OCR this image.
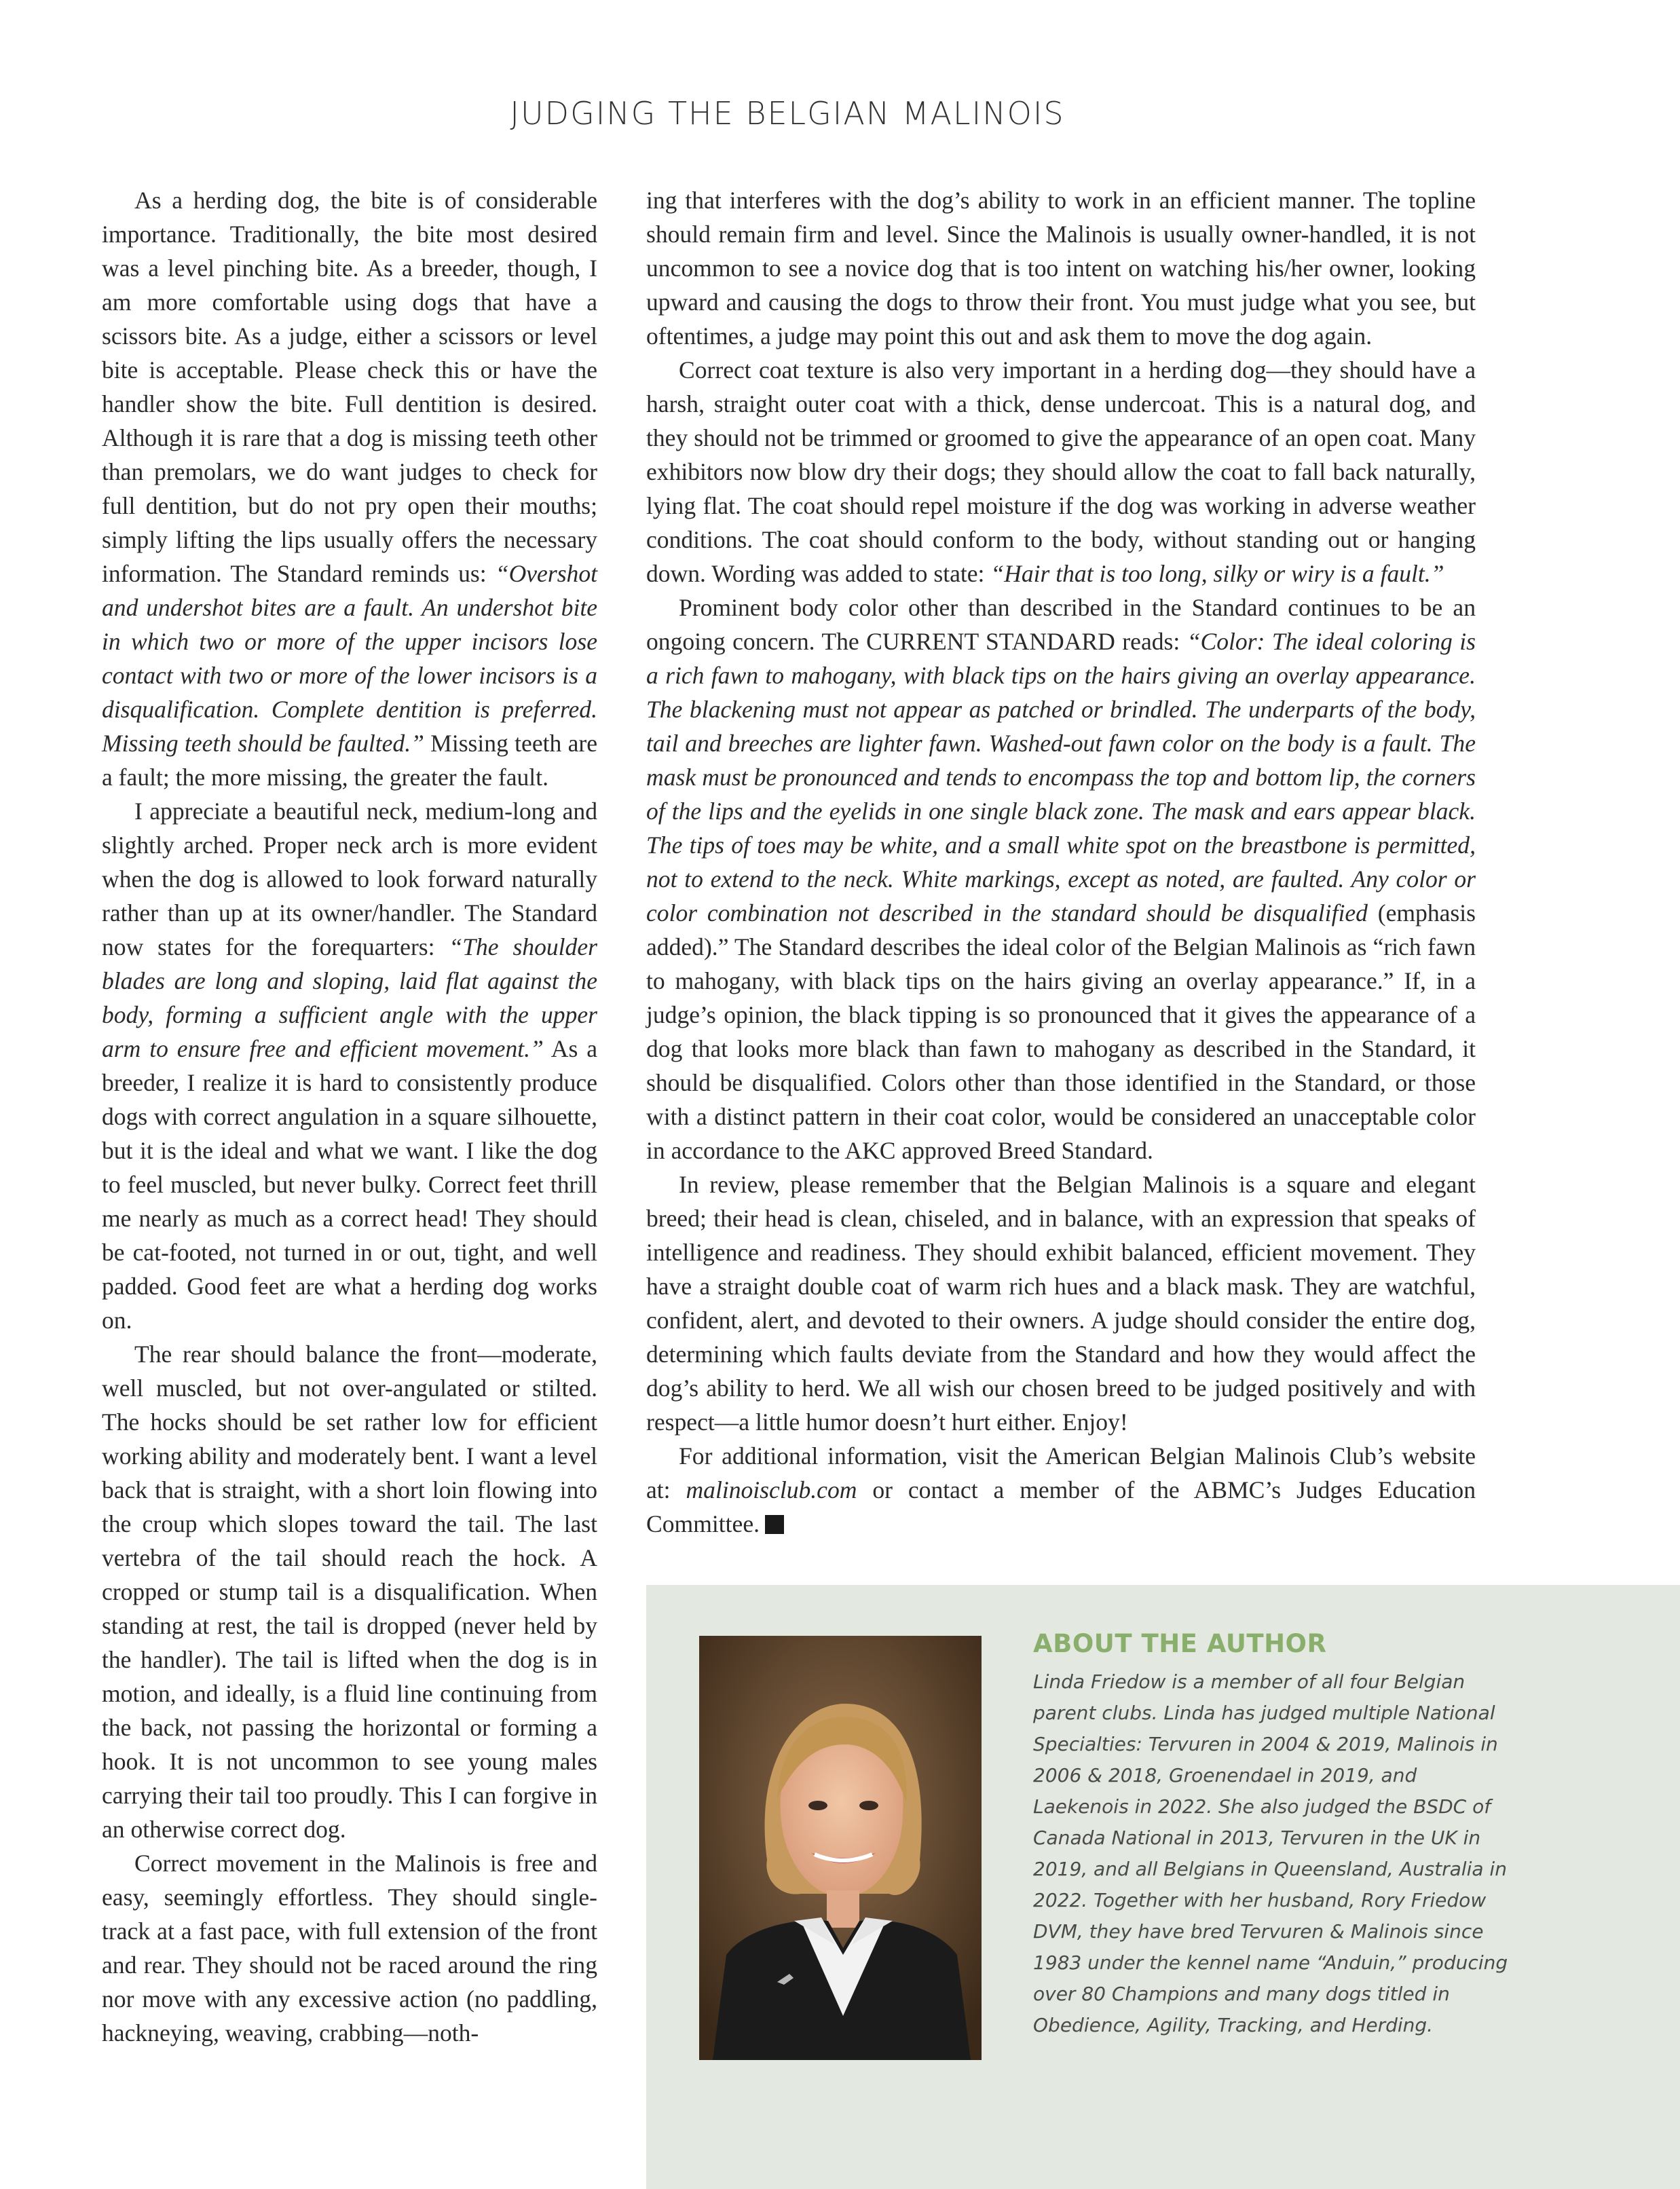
JUDGING THE BELGIAN MALINOIS

As a herding dog, the bite is of considerable importance. Traditionally, the bite most desired was a level pinching bite. As a breeder, though, I am more comfortable using dogs that have a scissors bite. As a judge, either a scissors or level bite is acceptable. Please check this or have the handler show the bite. Full dentition is desired. Although it is rare that a dog is missing teeth other than premolars, we do want judges to check for full dentition, but do not pry open their mouths; simply lifting the lips usually offers the necessary information. The Standard reminds us: “Overshot and undershot bites are a fault. An undershot bite in which two or more of the upper incisors lose contact with two or more of the lower incisors is a disqualification. Complete dentition is preferred. Missing teeth should be faulted.” Missing teeth are a fault; the more missing, the greater the fault.

I appreciate a beautiful neck, medium-long and slightly arched. Proper neck arch is more evident when the dog is allowed to look forward naturally rather than up at its owner/handler. The Standard now states for the forequarters: “The shoulder blades are long and sloping, laid flat against the body, forming a sufficient angle with the upper arm to ensure free and efficient movement.” As a breeder, I realize it is hard to consistently produce dogs with correct angulation in a square silhouette, but it is the ideal and what we want. I like the dog to feel muscled, but never bulky. Correct feet thrill me nearly as much as a correct head! They should be cat-footed, not turned in or out, tight, and well padded. Good feet are what a herding dog works on.

The rear should balance the front—moderate, well muscled, but not over-angulated or stilted. The hocks should be set rather low for efficient working ability and moderately bent. I want a level back that is straight, with a short loin flowing into the croup which slopes toward the tail. The last vertebra of the tail should reach the hock. A cropped or stump tail is a disqualification. When standing at rest, the tail is dropped (never held by the handler). The tail is lifted when the dog is in motion, and ideally, is a fluid line continuing from the back, not passing the horizontal or forming a hook. It is not uncommon to see young males carrying their tail too proudly. This I can forgive in an otherwise correct dog.

Correct movement in the Malinois is free and easy, seemingly effortless. They should single-track at a fast pace, with full extension of the front and rear. They should not be raced around the ring nor move with any excessive action (no paddling, hackneying, weaving, crabbing—noth-

ing that interferes with the dog’s ability to work in an efficient manner. The topline should remain firm and level. Since the Malinois is usually owner-handled, it is not uncommon to see a novice dog that is too intent on watching his/her owner, looking upward and causing the dogs to throw their front. You must judge what you see, but oftentimes, a judge may point this out and ask them to move the dog again.

Correct coat texture is also very important in a herding dog—they should have a harsh, straight outer coat with a thick, dense undercoat. This is a natural dog, and they should not be trimmed or groomed to give the appearance of an open coat. Many exhibitors now blow dry their dogs; they should allow the coat to fall back naturally, lying flat. The coat should repel moisture if the dog was working in adverse weather conditions. The coat should conform to the body, without standing out or hanging down. Wording was added to state: “Hair that is too long, silky or wiry is a fault.”

Prominent body color other than described in the Standard continues to be an ongoing concern. The CURRENT STANDARD reads: “Color: The ideal coloring is a rich fawn to mahogany, with black tips on the hairs giving an overlay appearance. The blackening must not appear as patched or brindled. The underparts of the body, tail and breeches are lighter fawn. Washed-out fawn color on the body is a fault. The mask must be pronounced and tends to encompass the top and bottom lip, the corners of the lips and the eyelids in one single black zone. The mask and ears appear black. The tips of toes may be white, and a small white spot on the breastbone is permitted, not to extend to the neck. White markings, except as noted, are faulted. Any color or color combination not described in the standard should be disqualified (emphasis added).” The Standard describes the ideal color of the Belgian Malinois as “rich fawn to mahogany, with black tips on the hairs giving an overlay appearance.” If, in a judge’s opinion, the black tipping is so pronounced that it gives the appearance of a dog that looks more black than fawn to mahogany as described in the Standard, it should be disqualified. Colors other than those identified in the Standard, or those with a distinct pattern in their coat color, would be considered an unacceptable color in accordance to the AKC approved Breed Standard.

In review, please remember that the Belgian Malinois is a square and elegant breed; their head is clean, chiseled, and in balance, with an expression that speaks of intelligence and readiness. They should exhibit balanced, efficient movement. They have a straight double coat of warm rich hues and a black mask. They are watchful, confident, alert, and devoted to their owners. A judge should consider the entire dog, determining which faults deviate from the Standard and how they would affect the dog’s ability to herd. We all wish our chosen breed to be judged positively and with respect—a little humor doesn’t hurt either. Enjoy!

For additional information, visit the American Belgian Malinois Club’s website at: malinoisclub.com or contact a member of the ABMC’s Judges Education Committee.

ABOUT THE AUTHOR
Linda Friedow is a member of all four Belgian parent clubs. Linda has judged multiple National Specialties: Tervuren in 2004 & 2019, Malinois in 2006 & 2018, Groenendael in 2019, and Laekenois in 2022. She also judged the BSDC of Canada National in 2013, Tervuren in the UK in 2019, and all Belgians in Queensland, Australia in 2022. Together with her husband, Rory Friedow DVM, they have bred Tervuren & Malinois since 1983 under the kennel name “Anduin,” producing over 80 Champions and many dogs titled in Obedience, Agility, Tracking, and Herding.
